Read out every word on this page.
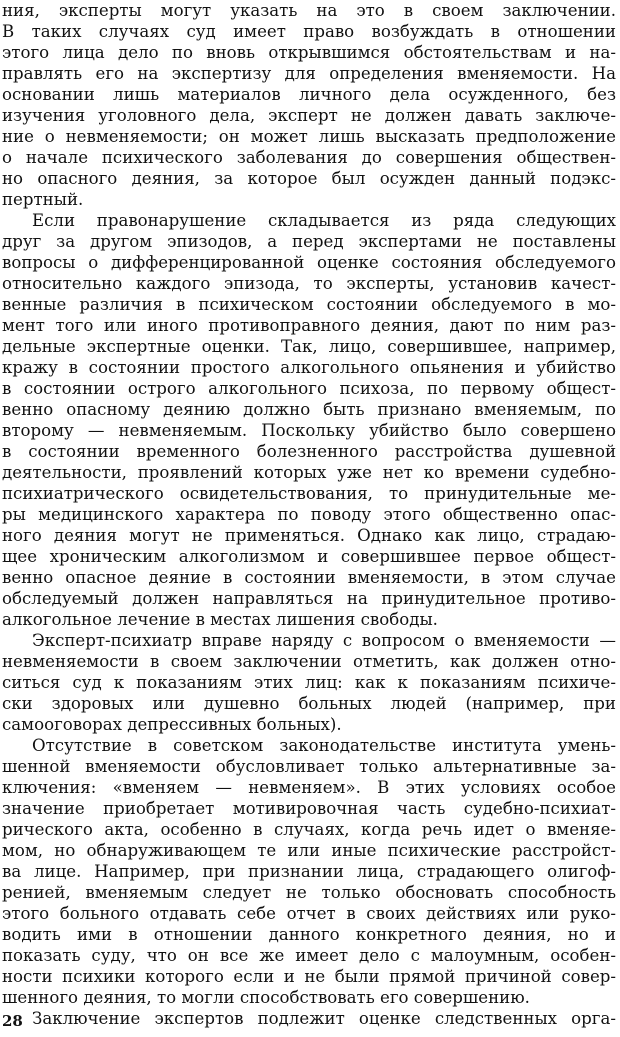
ния, эксперты могут указать на это в своем заключении.
В таких случаях суд имеет право возбуждать в отношении
этого лица дело по вновь открывшимся обстоятельствам и на-
правлять его на экспертизу для определения вменяемости. На
основании лишь материалов личного дела осужденного, без
изучения уголовного дела, эксперт не должен давать заключе-
ние о невменяемости; он может лишь высказать предположение
о начале психического заболевания до совершения обществен-
но опасного деяния, за которое был осужден данный подэкс-
пертный.
Если правонарушение складывается из ряда следующих
друг за другом эпизодов, а перед экспертами не поставлены
вопросы о дифференцированной оценке состояния обследуемого
относительно каждого эпизода, то эксперты, установив качест-
венные различия в психическом состоянии обследуемого в мо-
мент того или иного противоправного деяния, дают по ним раз-
дельные экспертные оценки. Так, лицо, совершившее, например,
кражу в состоянии простого алкогольного опьянения и убийство
в состоянии острого алкогольного психоза, по первому общест-
венно опасному деянию должно быть признано вменяемым, по
второму — невменяемым. Поскольку убийство было совершено
в состоянии временного болезненного расстройства душевной
деятельности, проявлений которых уже нет ко времени судебно-
психиатрического освидетельствования, то принудительные ме-
ры медицинского характера по поводу этого общественно опас-
ного деяния могут не применяться. Однако как лицо, страдаю-
щее хроническим алкоголизмом и совершившее первое общест-
венно опасное деяние в состоянии вменяемости, в этом случае
обследуемый должен направляться на принудительное противо-
алкогольное лечение в местах лишения свободы.
Эксперт-психиатр вправе наряду с вопросом о вменяемости —
невменяемости в своем заключении отметить, как должен отно-
ситься суд к показаниям этих лиц: как к показаниям психиче-
ски здоровых или душевно больных людей (например, при
самооговорах депрессивных больных).
Отсутствие в советском законодательстве института умень-
шенной вменяемости обусловливает только альтернативные за-
ключения: «вменяем — невменяем». В этих условиях особое
значение приобретает мотивировочная часть судебно-психиат-
рического акта, особенно в случаях, когда речь идет о вменяе-
мом, но обнаруживающем те или иные психические расстройст-
ва лице. Например, при признании лица, страдающего олигоф-
ренией, вменяемым следует не только обосновать способность
этого больного отдавать себе отчет в своих действиях или руко-
водить ими в отношении данного конкретного деяния, но и
показать суду, что он все же имеет дело с малоумным, особен-
ности психики которого если и не были прямой причиной совер-
шенного деяния, то могли способствовать его совершению.
Заключение экспертов подлежит оценке следственных орга-
28
